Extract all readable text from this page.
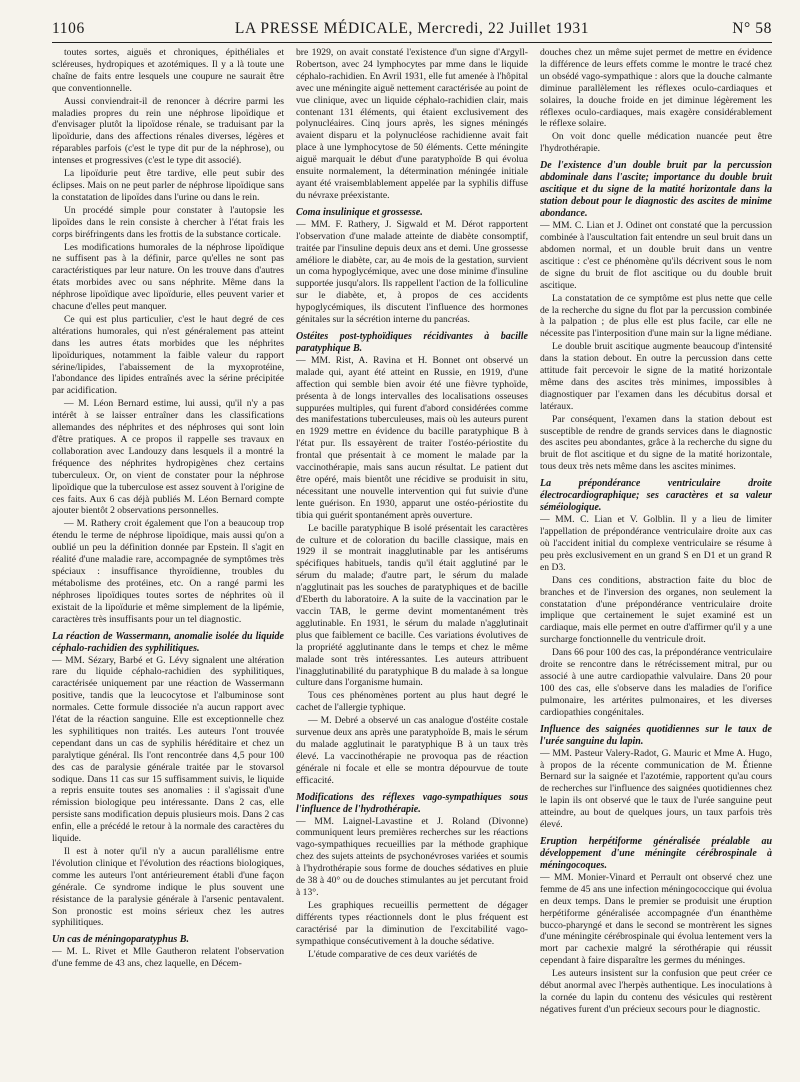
1106	LA PRESSE MÉDICALE, Mercredi, 22 Juillet 1931	N° 58

toutes sortes, aiguës et chroniques, épithéliales et scléreuses, hydropiques et azotémiques. Il y a là toute une chaîne de faits entre lesquels une coupure ne saurait être que conventionnelle.

Aussi conviendrait-il de renoncer à décrire parmi les maladies propres du rein une néphrose lipoïdique et d'envisager plutôt la lipoïdose rénale, se traduisant par la lipoïdurie, dans des affections rénales diverses, légères et réparables parfois (c'est le type dit pur de la néphrose), ou intenses et progressives (c'est le type dit associé).

La lipoïdurie peut être tardive, elle peut subir des éclipses. Mais on ne peut parler de néphrose lipoïdique sans la constatation de lipoïdes dans l'urine ou dans le rein.

Un procédé simple pour constater à l'autopsie les lipoïdes dans le rein consiste à chercher à l'état frais les corps biréfringents dans les frottis de la substance corticale.

Les modifications humorales de la néphrose lipoïdique ne suffisent pas à la définir, parce qu'elles ne sont pas caractéristiques par leur nature. On les trouve dans d'autres états morbides avec ou sans néphrite. Même dans la néphrose lipoïdique avec lipoïdurie, elles peuvent varier et chacune d'elles peut manquer.

Ce qui est plus particulier, c'est le haut degré de ces altérations humorales, qui n'est généralement pas atteint dans les autres états morbides que les néphrites lipoïduriques, notamment la faible valeur du rapport sérine/lipides, l'abaissement de la myxoprotéine, l'abondance des lipides entraînés avec la sérine précipitée par acidification.

— M. Léon Bernard estime, lui aussi, qu'il n'y a pas intérêt à se laisser entraîner dans les classifications allemandes des néphrites et des néphroses qui sont loin d'être pratiques. A ce propos il rappelle ses travaux en collaboration avec Landouzy dans lesquels il a montré la fréquence des néphrites hydropigènes chez certains tuberculeux. Or, on vient de constater pour la néphrose lipoïdique que la tuberculose est assez souvent à l'origine de ces faits. Aux 6 cas déjà publiés M. Léon Bernard compte ajouter bientôt 2 observations personnelles.

— M. Rathery croit également que l'on a beaucoup trop étendu le terme de néphrose lipoïdique, mais aussi qu'on a oublié un peu la définition donnée par Epstein. Il s'agit en réalité d'une maladie rare, accompagnée de symptômes très spéciaux : insuffisance thyroïdienne, troubles du métabolisme des protéines, etc. On a rangé parmi les néphroses lipoïdiques toutes sortes de néphrites où il existait de la lipoïdurie et même simplement de la lipémie, caractères très insuffisants pour un tel diagnostic.

La réaction de Wassermann, anomalie isolée du liquide céphalo-rachidien des syphilitiques.

— MM. Sézary, Barbé et G. Lévy signalent une altération rare du liquide céphalo-rachidien des syphilitiques, caractérisée uniquement par une réaction de Wassermann positive, tandis que la leucocytose et l'albuminose sont normales. Cette formule dissociée n'a aucun rapport avec l'état de la réaction sanguine. Elle est exceptionnelle chez les syphilitiques non traités. Les auteurs l'ont trouvée cependant dans un cas de syphilis héréditaire et chez un paralytique général. Ils l'ont rencontrée dans 4,5 pour 100 des cas de paralysie générale traitée par le stovarsol sodique. Dans 11 cas sur 15 suffisamment suivis, le liquide a repris ensuite toutes ses anomalies : il s'agissait d'une rémission biologique peu intéressante. Dans 2 cas, elle persiste sans modification depuis plusieurs mois. Dans 2 cas enfin, elle a précédé le retour à la normale des caractères du liquide.

Il est à noter qu'il n'y a aucun parallélisme entre l'évolution clinique et l'évolution des réactions biologiques, comme les auteurs l'ont antérieurement établi d'une façon générale. Ce syndrome indique le plus souvent une résistance de la paralysie générale à l'arsenic pentavalent. Son pronostic est moins sérieux chez les autres syphilitiques.

Un cas de méningoparatyphus B.

— M. L. Rivet et Mlle Gautheron relatent l'observation d'une femme de 43 ans, chez laquelle, en Décem-

bre 1929, on avait constaté l'existence d'un signe d'Argyll-Robertson, avec 24 lymphocytes par mme dans le liquide céphalo-rachidien. En Avril 1931, elle fut amenée à l'hôpital avec une méningite aiguë nettement caractérisée au point de vue clinique, avec un liquide céphalo-rachidien clair, mais contenant 131 éléments, qui étaient exclusivement des polynucléaires. Cinq jours après, les signes méningés avaient disparu et la polynucléose rachidienne avait fait place à une lymphocytose de 50 éléments. Cette méningite aiguë marquait le début d'une paratyphoïde B qui évolua ensuite normalement, la détermination méningée initiale ayant été vraisemblablement appelée par la syphilis diffuse du névraxe préexistante.

Coma insulinique et grossesse.

— MM. F. Rathery, J. Sigwald et M. Dérot rapportent l'observation d'une malade atteinte de diabète consomptif, traitée par l'insuline depuis deux ans et demi. Une grossesse améliore le diabète, car, au 4e mois de la gestation, survient un coma hypoglycémique, avec une dose minime d'insuline supportée jusqu'alors. Ils rappellent l'action de la folliculine sur le diabète, et, à propos de ces accidents hypoglycémiques, ils discutent l'influence des hormones génitales sur la sécrétion interne du pancréas.

Ostéites post-typhoïdiques récidivantes à bacille paratyphique B.

— MM. Rist, A. Ravina et H. Bonnet ont observé un malade qui, ayant été atteint en Russie, en 1919, d'une affection qui semble bien avoir été une fièvre typhoïde, présenta à de longs intervalles des localisations osseuses suppurées multiples, qui furent d'abord considérées comme des manifestations tuberculeuses, mais où les auteurs purent en 1929 mettre en évidence du bacille paratyphique B à l'état pur. Ils essayèrent de traiter l'ostéo-périostite du frontal que présentait à ce moment le malade par la vaccinothérapie, mais sans aucun résultat. Le patient dut être opéré, mais bientôt une récidive se produisit in situ, nécessitant une nouvelle intervention qui fut suivie d'une lente guérison. En 1930, apparut une ostéo-périostite du tibia qui guérit spontanément après ouverture.

Le bacille paratyphique B isolé présentait les caractères de culture et de coloration du bacille classique, mais en 1929 il se montrait inagglutinable par les antisérums spécifiques habituels, tandis qu'il était agglutiné par le sérum du malade; d'autre part, le sérum du malade n'agglutinait pas les souches de paratyphiques et de bacille d'Eberth du laboratoire. A la suite de la vaccination par le vaccin TAB, le germe devint momentanément très agglutinable. En 1931, le sérum du malade n'agglutinait plus que faiblement ce bacille. Ces variations évolutives de la propriété agglutinante dans le temps et chez le même malade sont très intéressantes. Les auteurs attribuent l'inagglutinabilité du paratyphique B du malade à sa longue culture dans l'organisme humain.

Tous ces phénomènes portent au plus haut degré le cachet de l'allergie typhique.

— M. Debré a observé un cas analogue d'ostéite costale survenue deux ans après une paratyphoïde B, mais le sérum du malade agglutinait le paratyphique B à un taux très élevé. La vaccinothérapie ne provoqua pas de réaction générale ni focale et elle se montra dépourvue de toute efficacité.

Modifications des réflexes vago-sympathiques sous l'influence de l'hydrothérapie.

— MM. Laignel-Lavastine et J. Roland (Divonne) communiquent leurs premières recherches sur les réactions vago-sympathiques recueillies par la méthode graphique chez des sujets atteints de psychonévroses variées et soumis à l'hydrothérapie sous forme de douches sédatives en pluie de 38 à 40° ou de douches stimulantes au jet percutant froid à 13°.

Les graphiques recueillis permettent de dégager différents types réactionnels dont le plus fréquent est caractérisé par la diminution de l'excitabilité vago-sympathique consécutivement à la douche sédative.

L'étude comparative de ces deux variétés de

douches chez un même sujet permet de mettre en évidence la différence de leurs effets comme le montre le tracé chez un obsédé vago-sympathique : alors que la douche calmante diminue parallèlement les réflexes oculo-cardiaques et solaires, la douche froide en jet diminue légèrement les réflexes oculo-cardiaques, mais exagère considérablement le réflexe solaire.

On voit donc quelle médication nuancée peut être l'hydrothérapie.

De l'existence d'un double bruit par la percussion abdominale dans l'ascite; importance du double bruit ascitique et du signe de la matité horizontale dans la station debout pour le diagnostic des ascites de minime abondance.

— MM. C. Lian et J. Odinet ont constaté que la percussion combinée à l'auscultation fait entendre un seul bruit dans un abdomen normal, et un double bruit dans un ventre ascitique : c'est ce phénomène qu'ils décrivent sous le nom de signe du bruit de flot ascitique ou du double bruit ascitique.

La constatation de ce symptôme est plus nette que celle de la recherche du signe du flot par la percussion combinée à la palpation ; de plus elle est plus facile, car elle ne nécessite pas l'interposition d'une main sur la ligne médiane.

Le double bruit ascitique augmente beaucoup d'intensité dans la station debout. En outre la percussion dans cette attitude fait percevoir le signe de la matité horizontale même dans des ascites très minimes, impossibles à diagnostiquer par l'examen dans les décubitus dorsal et latéraux.

Par conséquent, l'examen dans la station debout est susceptible de rendre de grands services dans le diagnostic des ascites peu abondantes, grâce à la recherche du signe du bruit de flot ascitique et du signe de la matité horizontale, tous deux très nets même dans les ascites minimes.

La prépondérance ventriculaire droite électrocardiographique; ses caractères et sa valeur séméiologique.

— MM. C. Lian et V. Golblin. Il y a lieu de limiter l'appellation de prépondérance ventriculaire droite aux cas où l'accident initial du complexe ventriculaire se résume à peu près exclusivement en un grand S en D1 et un grand R en D3.

Dans ces conditions, abstraction faite du bloc de branches et de l'inversion des organes, non seulement la constatation d'une prépondérance ventriculaire droite implique que certainement le sujet examiné est un cardiaque, mais elle permet en outre d'affirmer qu'il y a une surcharge fonctionnelle du ventricule droit.

Dans 66 pour 100 des cas, la prépondérance ventriculaire droite se rencontre dans le rétrécissement mitral, pur ou associé à une autre cardiopathie valvulaire. Dans 20 pour 100 des cas, elle s'observe dans les maladies de l'orifice pulmonaire, les artérites pulmonaires, et les diverses cardiopathies congénitales.

Influence des saignées quotidiennes sur le taux de l'urée sanguine du lapin.

— MM. Pasteur Valery-Radot, G. Mauric et Mme A. Hugo, à propos de la récente communication de M. Étienne Bernard sur la saignée et l'azotémie, rapportent qu'au cours de recherches sur l'influence des saignées quotidiennes chez le lapin ils ont observé que le taux de l'urée sanguine peut atteindre, au bout de quelques jours, un taux parfois très élevé.

Eruption herpétiforme généralisée préalable au développement d'une méningite cérébrospinale à méningocoques.

— MM. Monier-Vinard et Perrault ont observé chez une femme de 45 ans une infection méningococcique qui évolua en deux temps. Dans le premier se produisit une éruption herpétiforme généralisée accompagnée d'un énanthème bucco-pharyngé et dans le second se montrèrent les signes d'une méningite cérébrospinale qui évolua lentement vers la mort par cachexie malgré la sérothérapie qui réussit cependant à faire disparaître les germes du méninges.

Les auteurs insistent sur la confusion que peut créer ce début anormal avec l'herpès authentique. Les inoculations à la cornée du lapin du contenu des vésicules qui restèrent négatives furent d'un précieux secours pour le diagnostic.
